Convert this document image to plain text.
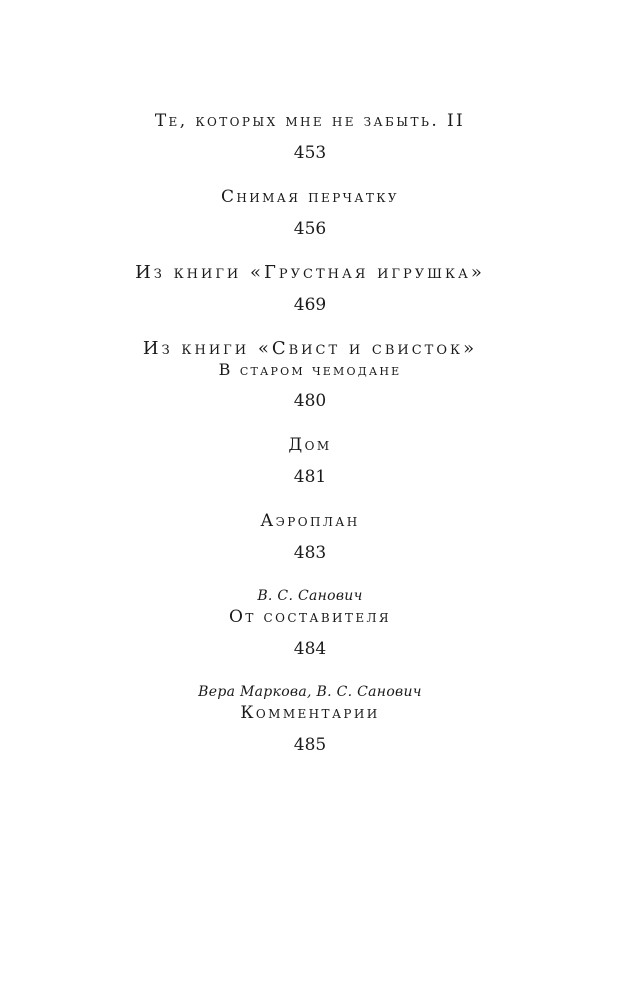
Те, которых мне не забыть. II
453
Снимая перчатку
456
Из книги «Грустная игрушка»
469
Из книги «Свист и свисток»
В старом чемодане
480
Дом
481
Аэроплан
483
В. С. Санович
От составителя
484
Вера Маркова, В. С. Санович
Комментарии
485
